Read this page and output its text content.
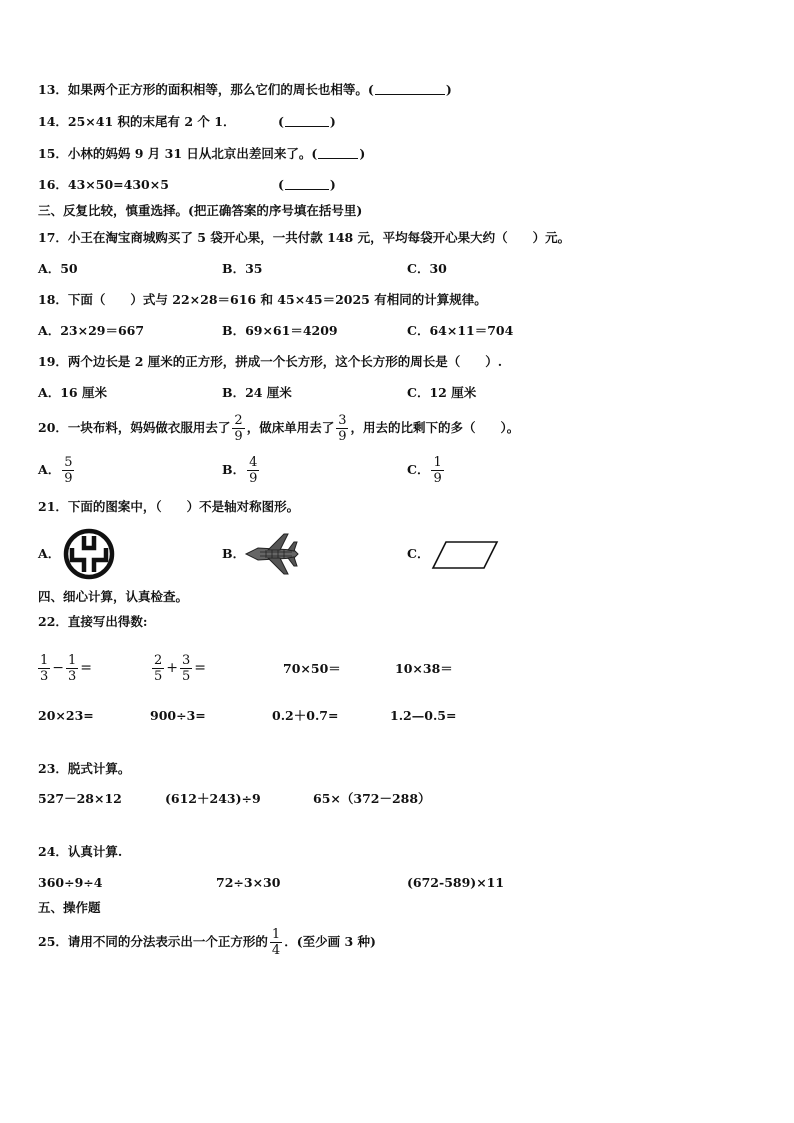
13．如果两个正方形的面积相等，那么它们的周长也相等。(	)
14．25×41 积的末尾有 2 个 1．	(	)
15．小林的妈妈 9 月 31 日从北京出差回来了。(	)
16．43×50=430×5	(	)
三、反复比较，慎重选择。(把正确答案的序号填在括号里)
17．小王在淘宝商城购买了 5 袋开心果，一共付款 148 元，平均每袋开心果大约（　　）元。
A．50	B．35	C．30
18．下面（　　）式与 22×28＝616 和 45×45＝2025 有相同的计算规律。
A．23×29＝667	B．69×61＝4209	C．64×11＝704
19．两个边长是 2 厘米的正方形，拼成一个长方形，这个长方形的周长是（　　）.
A．16 厘米	B．24 厘米	C．12 厘米
20．一块布料，妈妈做衣服用去了 $\frac{2}{9}$ ，做床单用去了 $\frac{3}{9}$ ，用去的比剩下的多（　　）。
A． $\frac{5}{9}$	B． $\frac{4}{9}$	C． $\frac{1}{9}$
21．下面的图案中，（　　）不是轴对称图形。
A．	B．	C．
四、细心计算，认真检查。
22．直接写出得数:
$\frac{1}{3} - \frac{1}{3}$ =	$\frac{2}{5} + \frac{3}{5}$ =	70×50＝	10×38＝
20×23=	900÷3=	0.2＋0.7=	1.2—0.5=
23．脱式计算。
527－28×12	(612＋243)÷9	65×（372－288）
24．认真计算.
360÷9÷4	72÷3×30	(672-589)×11
五、操作题
25．请用不同的分法表示出一个正方形的 $\frac{1}{4}$ ．(至少画 3 种)
